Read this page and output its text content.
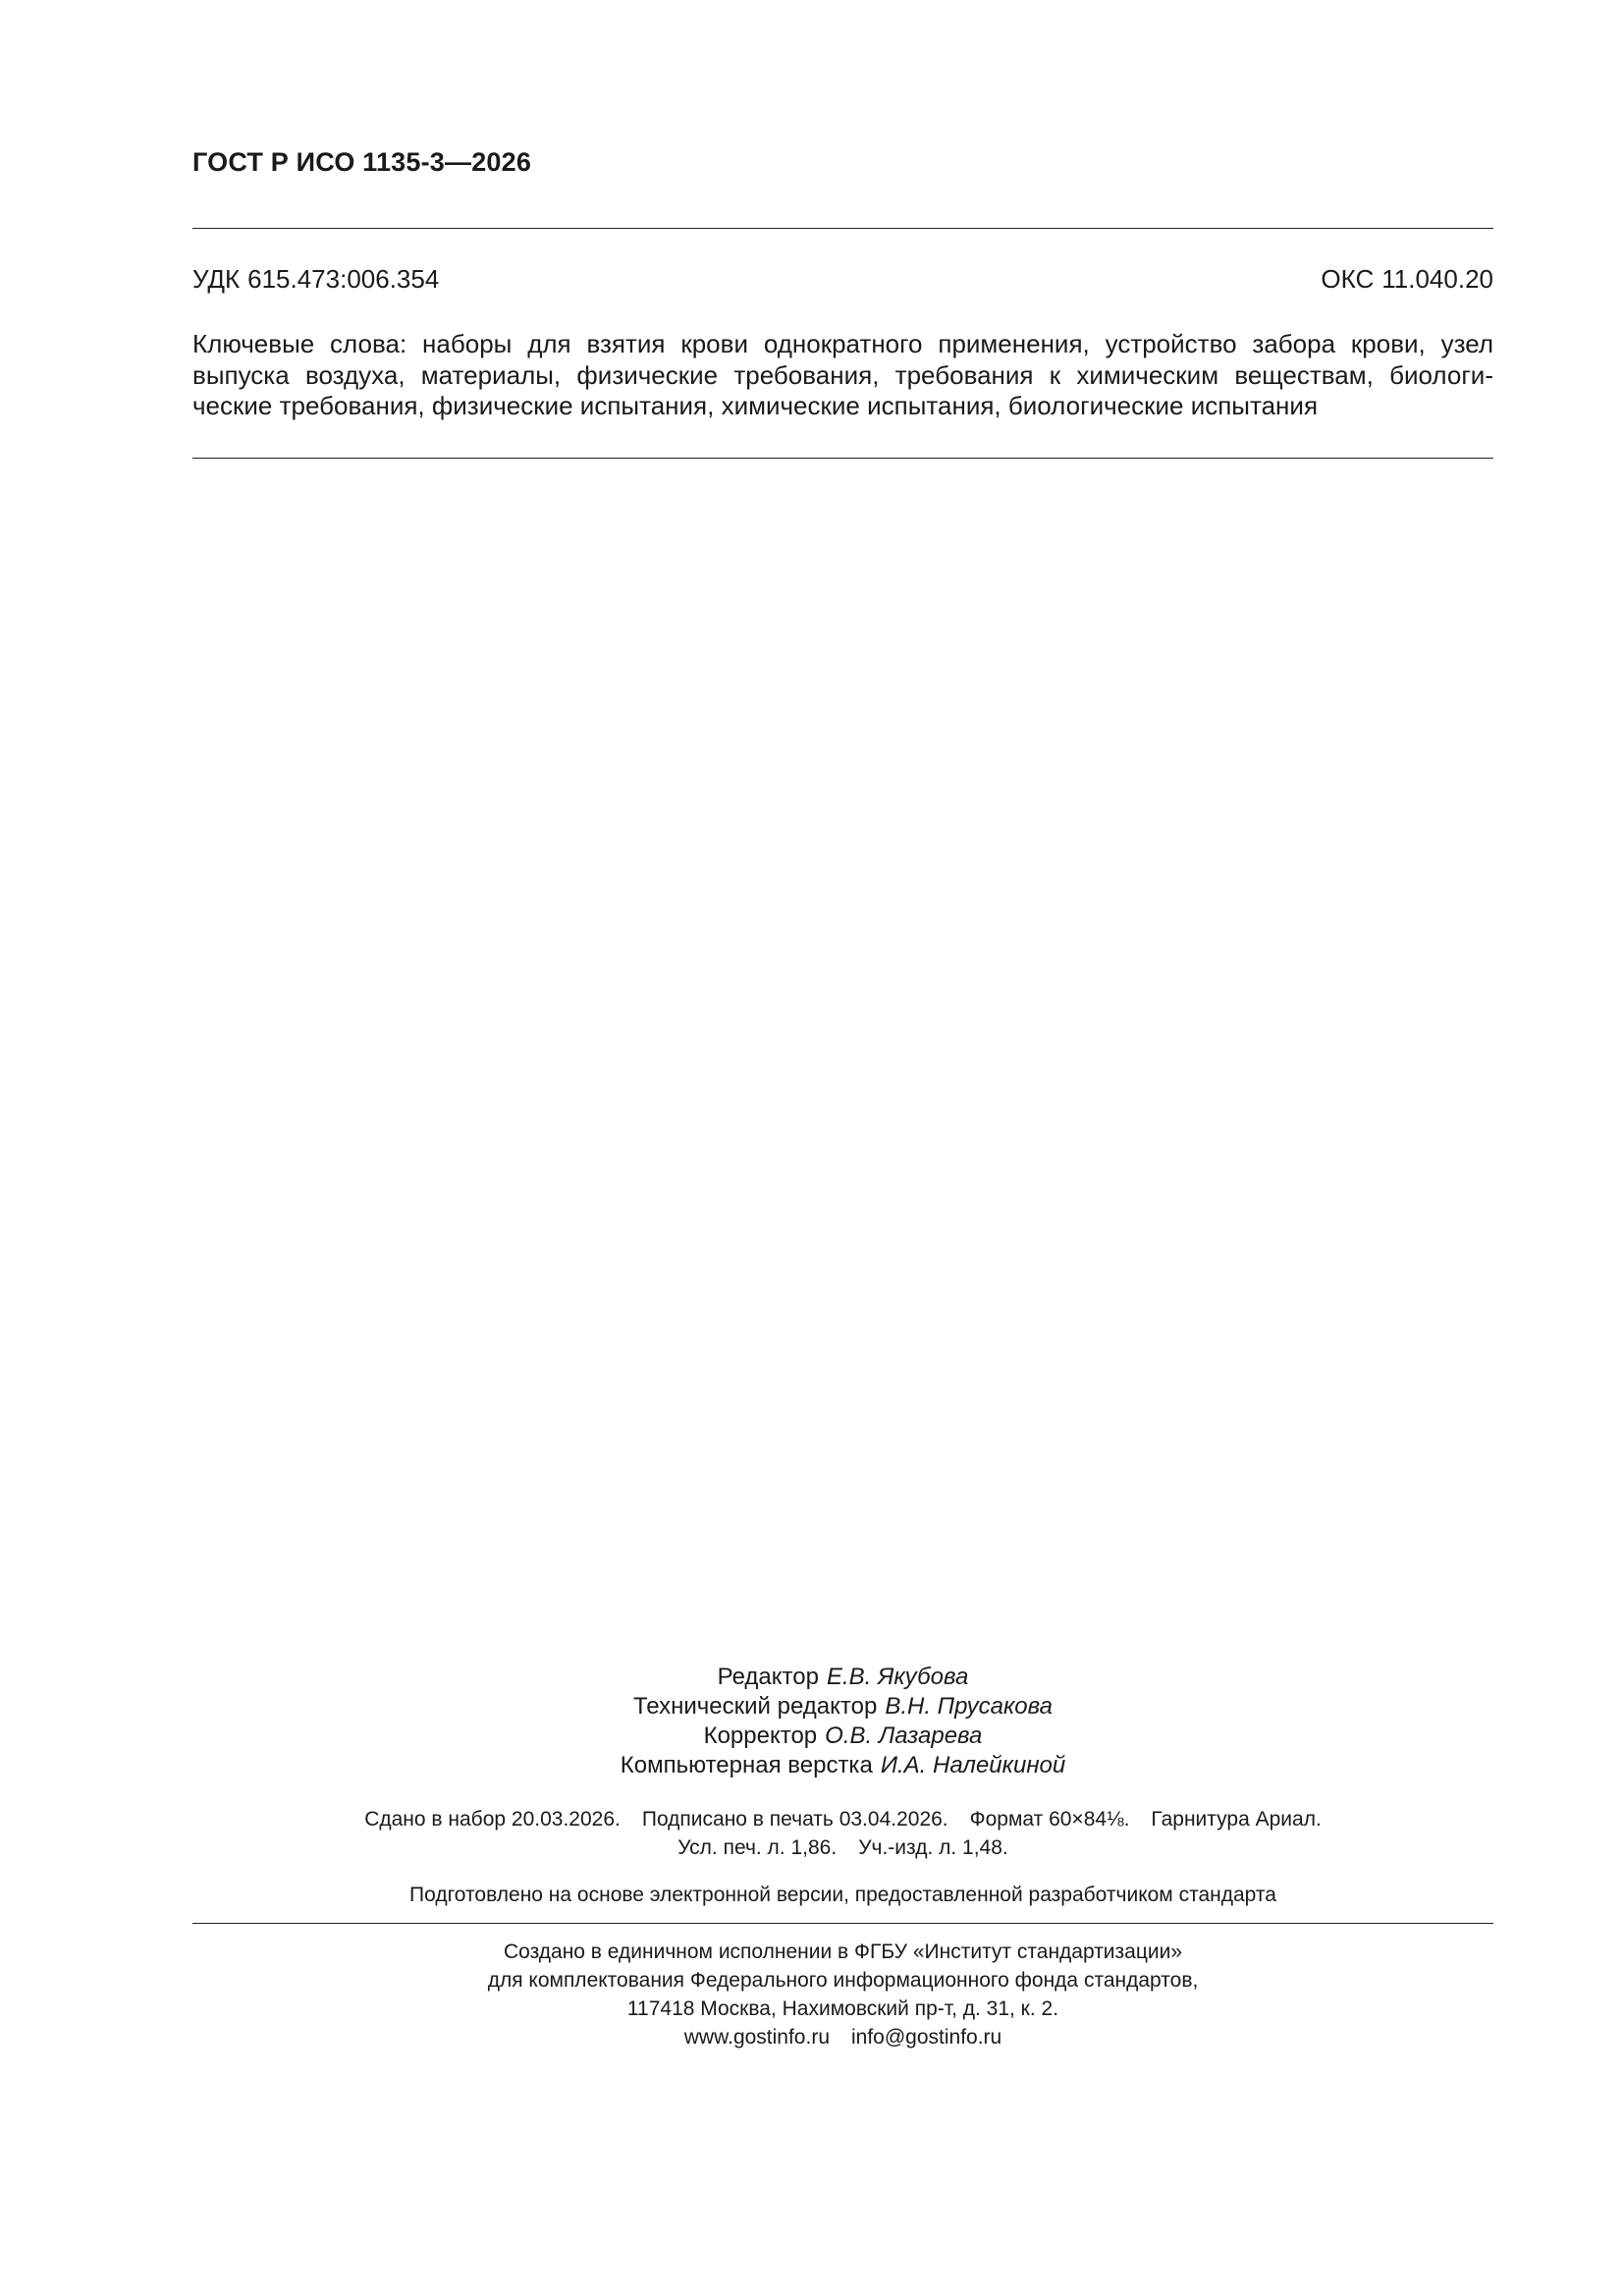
ГОСТ Р ИСО 1135-3—2026
УДК 615.473:006.354	ОКС 11.040.20
Ключевые слова: наборы для взятия крови однократного применения, устройство забора крови, узел
выпуска воздуха, материалы, физические требования, требования к химическим веществам, биологи-
ческие требования, физические испытания, химические испытания, биологические испытания
Редактор Е.В. Якубова
Технический редактор В.Н. Прусакова
Корректор О.В. Лазарева
Компьютерная верстка И.А. Налейкиной
Сдано в набор 20.03.2026. Подписано в печать 03.04.2026. Формат 60×84⅛. Гарнитура Ариал.
Усл. печ. л. 1,86. Уч.-изд. л. 1,48.
Подготовлено на основе электронной версии, предоставленной разработчиком стандарта
Создано в единичном исполнении в ФГБУ «Институт стандартизации»
для комплектования Федерального информационного фонда стандартов,
117418 Москва, Нахимовский пр-т, д. 31, к. 2.
www.gostinfo.ru info@gostinfo.ru
